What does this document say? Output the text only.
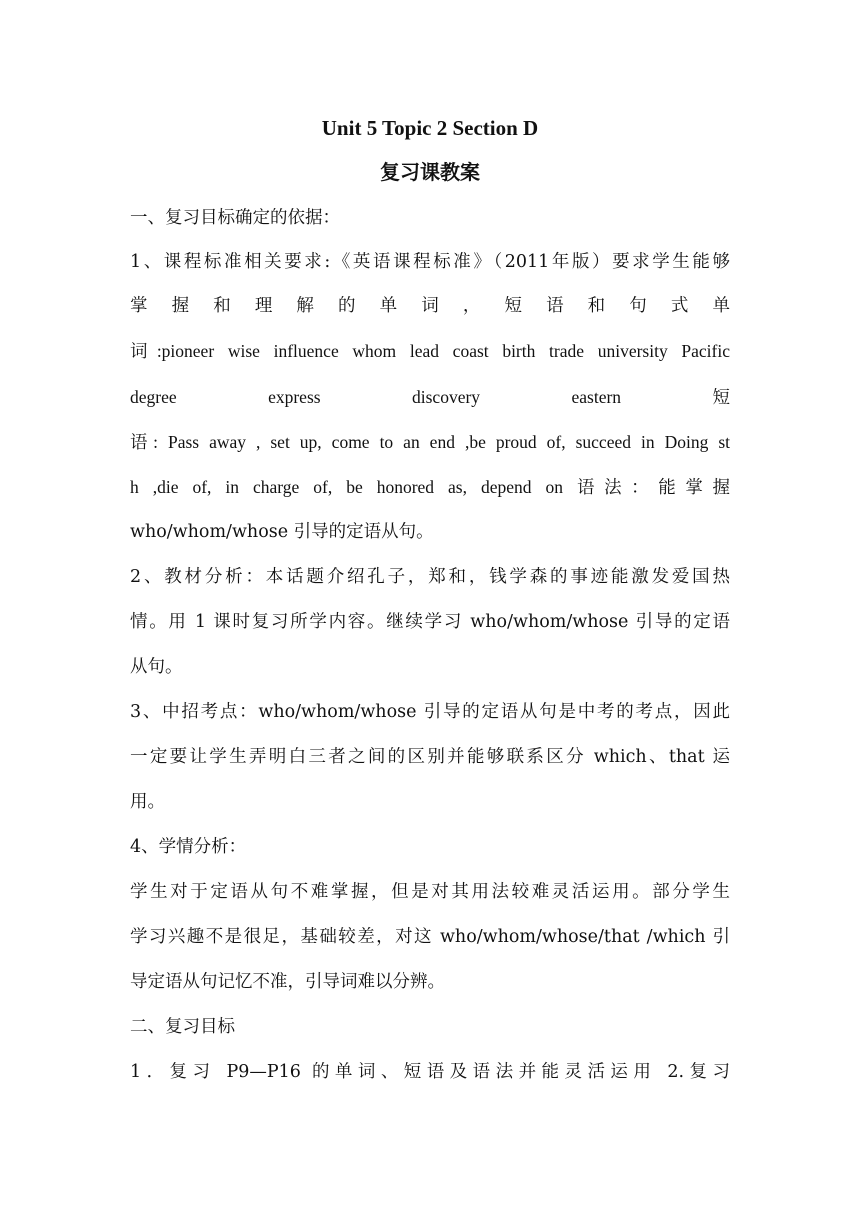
Unit 5 Topic 2 Section D
复习课教案
一、复习目标确定的依据：
1、课程标准相关要求:《英语课程标准》（2011年版）要求学生能够
掌握和理解的单词，短语和句式单
词:pioneer wise influence whom lead coast birth trade university Pacific
degree	express	discovery	eastern	短
语: Pass away , set up, come to an end ,be proud of, succeed in Doing st
h ,die of, in charge of, be honored as, depend on 语法：能掌握
who/whom/whose 引导的定语从句。
2、教材分析：本话题介绍孔子，郑和，钱学森的事迹能激发爱国热
情。用 1 课时复习所学内容。继续学习 who/whom/whose 引导的定语
从句。
3、中招考点：who/whom/whose 引导的定语从句是中考的考点，因此
一定要让学生弄明白三者之间的区别并能够联系区分 which、that 运
用。
4、学情分析：
学生对于定语从句不难掌握，但是对其用法较难灵活运用。部分学生
学习兴趣不是很足，基础较差，对这 who/whom/whose/that /which 引
导定语从句记忆不准，引导词难以分辨。
二、复习目标
1．复习 P9—P16 的单词、短语及语法并能灵活运用 2.复习
